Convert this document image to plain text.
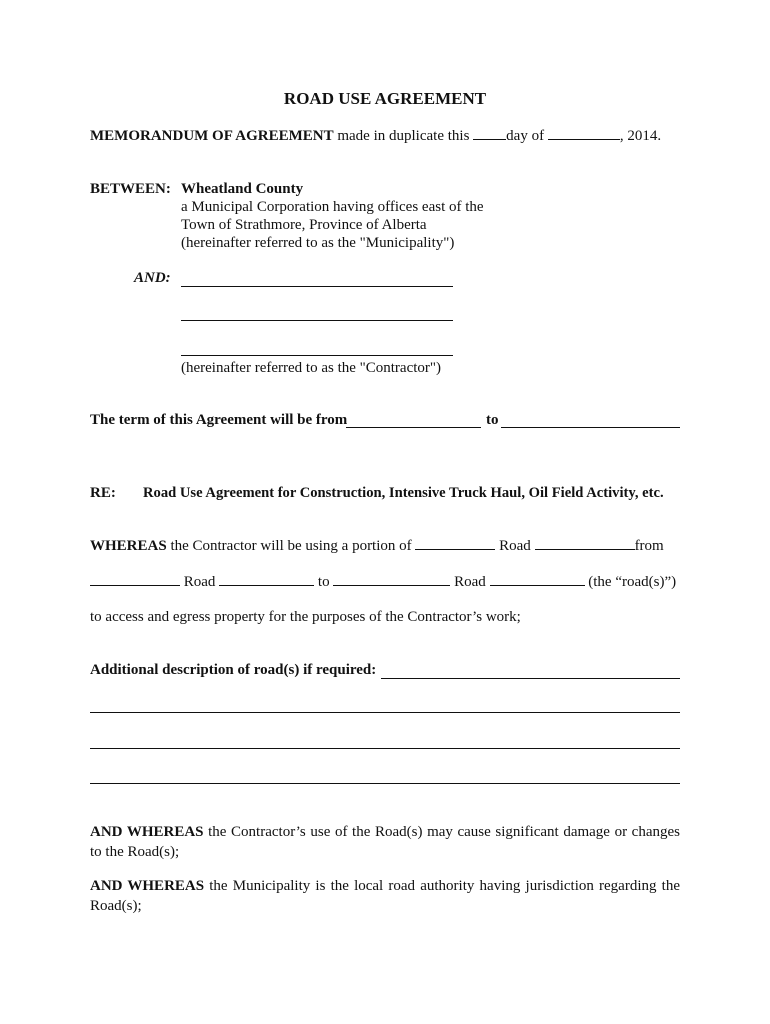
ROAD USE AGREEMENT
MEMORANDUM OF AGREEMENT made in duplicate this day of	, 2014.
BETWEEN: Wheatland County
a Municipal Corporation having offices east of the
Town of Strathmore, Province of Alberta
(hereinafter referred to as the "Municipality")
AND:
(hereinafter referred to as the "Contractor")
The term of this Agreement will be from	to
RE: Road Use Agreement for Construction, Intensive Truck Haul, Oil Field Activity, etc.
WHEREAS the Contractor will be using a portion of	Road	from
Road	to	Road	(the “road(s)”)
to access and egress property for the purposes of the Contractor’s work;
Additional description of road(s) if required:
AND WHEREAS the Contractor’s use of the Road(s) may cause significant damage or changes to the Road(s);
AND WHEREAS the Municipality is the local road authority having jurisdiction regarding the Road(s);
